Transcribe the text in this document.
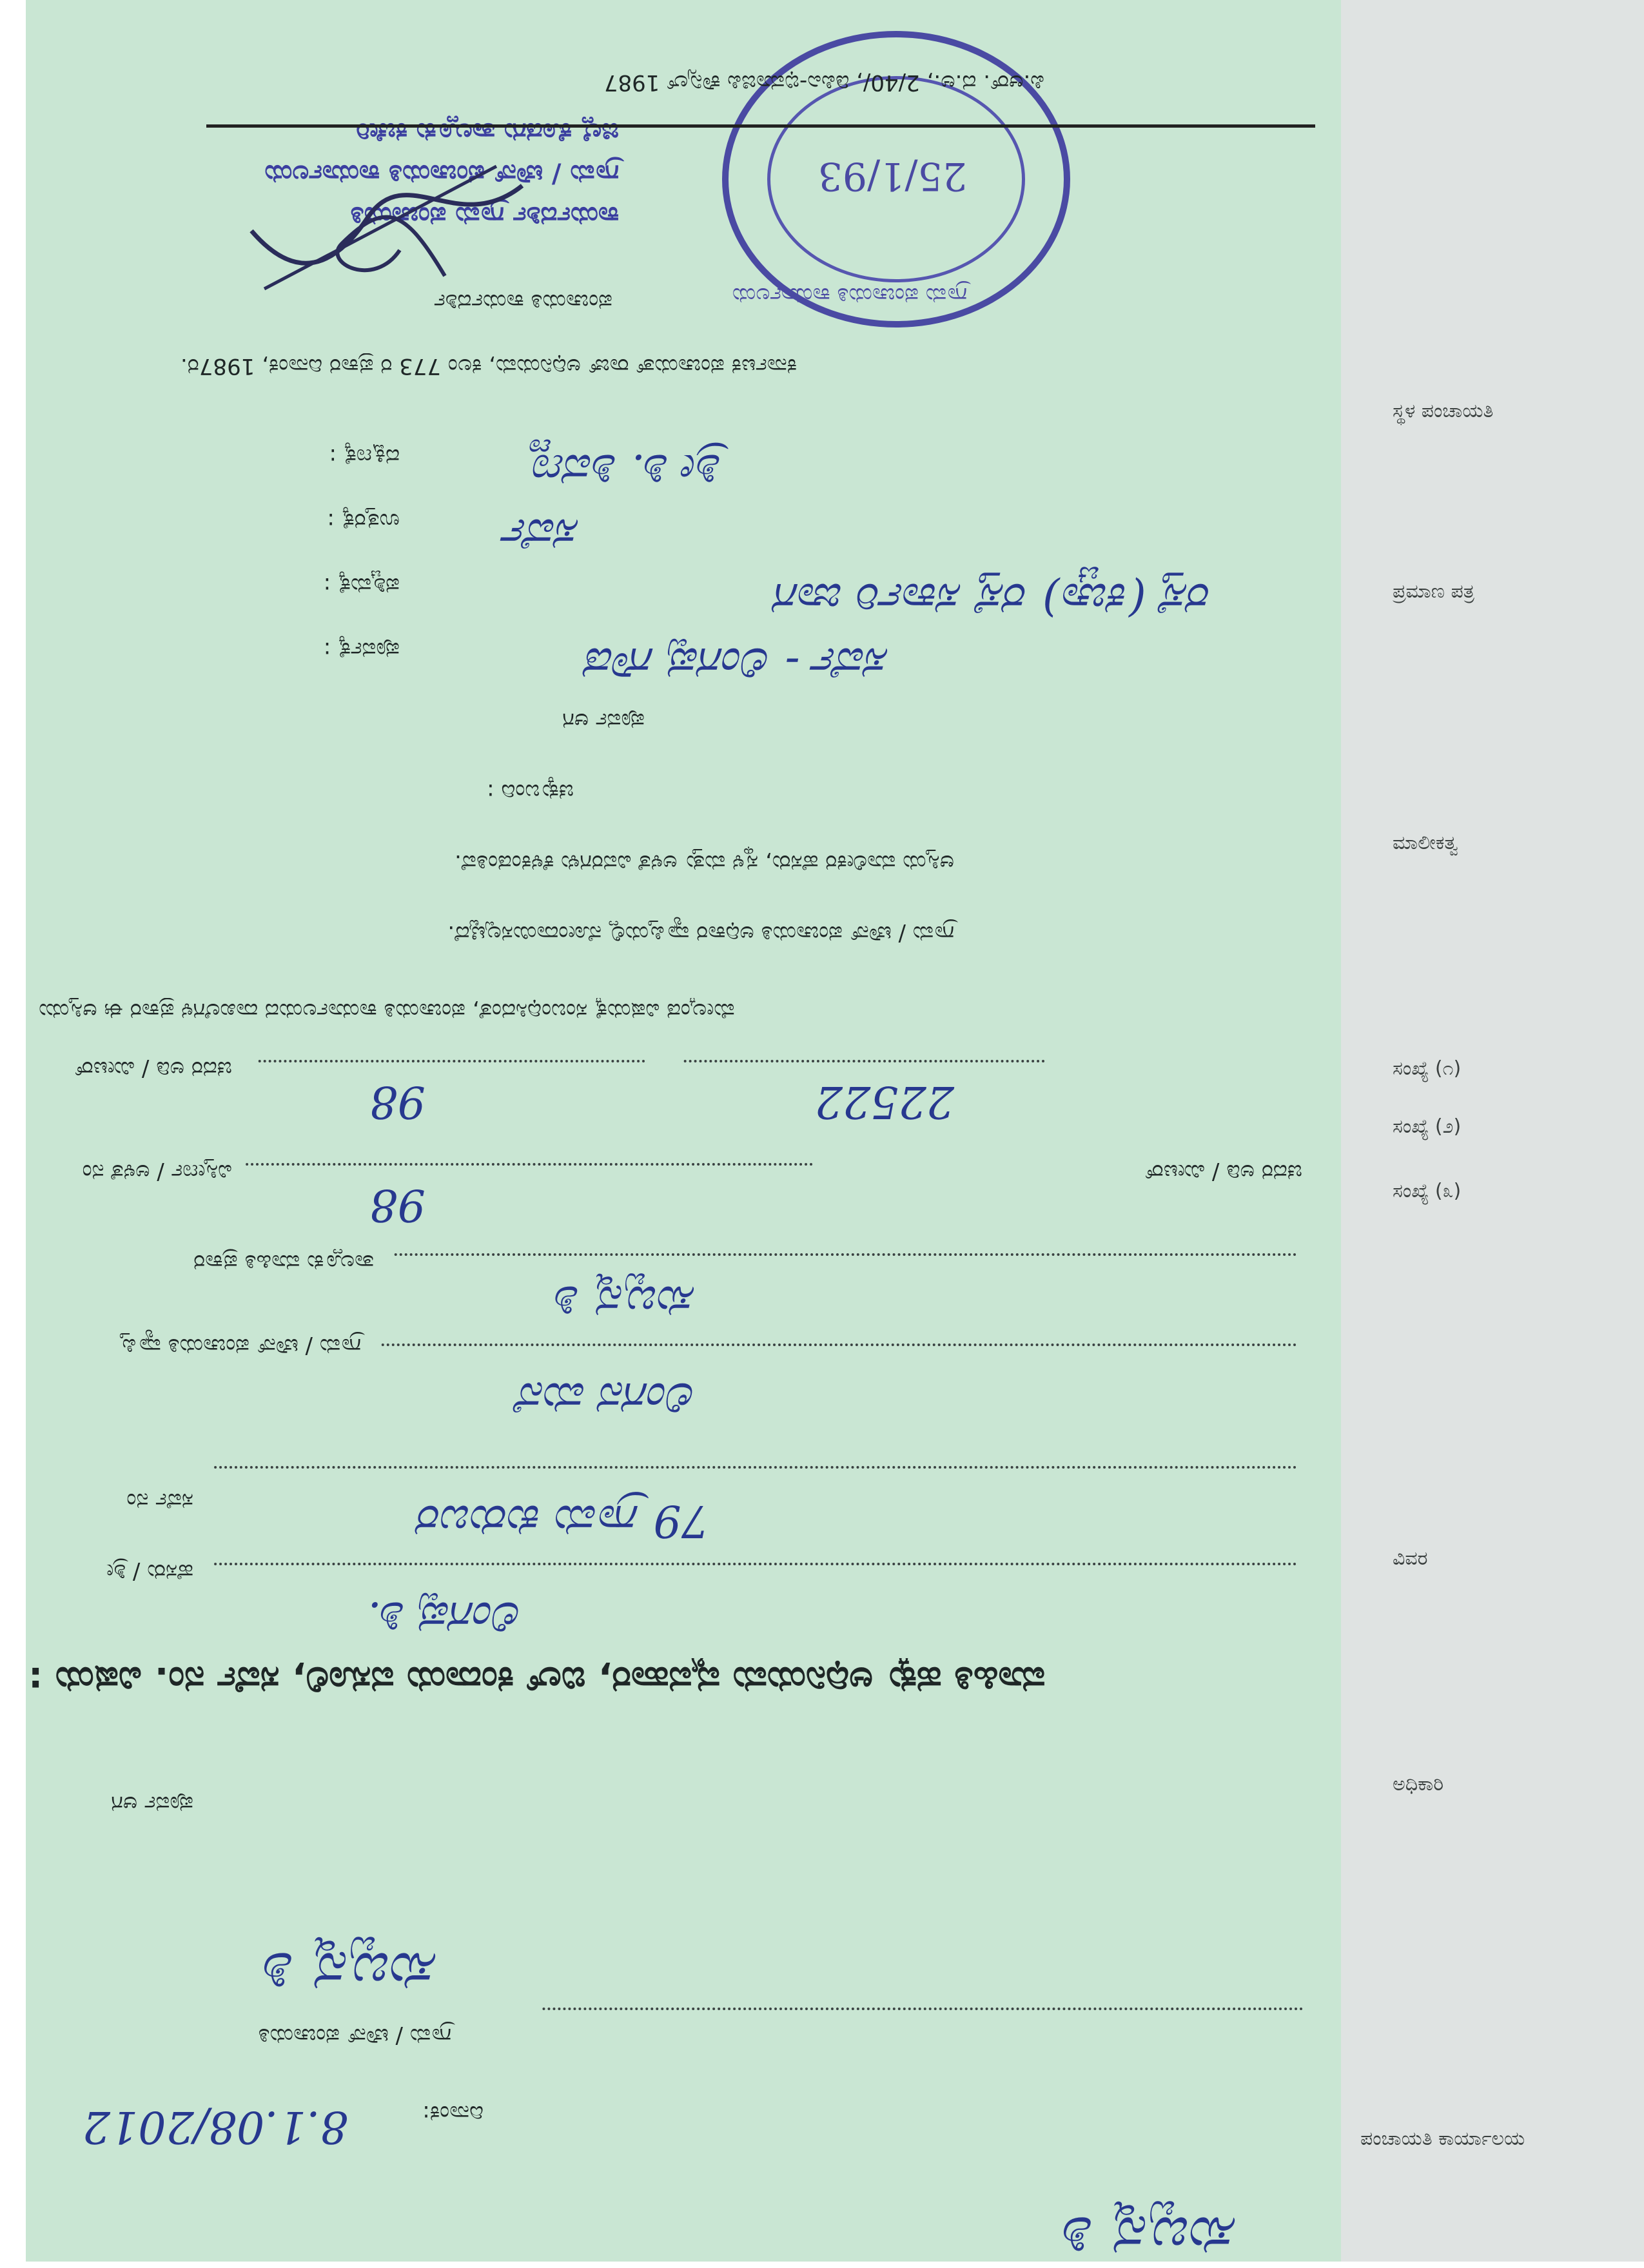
ಪಂಚಾಯತಿ ಕಾರ್ಯಾಲಯ
ಸ್ಥಳ ಪಂಚಾಯತಿ
ಪ್ರಮಾಣ ಪತ್ರ
ಮಾಲೀಕತ್ವ
ಸಂಖ್ಯೆ (೧)
ಸಂಖ್ಯೆ (೨)
ಸಂಖ್ಯೆ (೩)
ವಿವರ
ಅಧಿಕಾರಿ
ದಿನಾಂಕ:
8.1.08/2012
ಗ್ರಾಮ / ಟೌನ್ ಪಂಚಾಯತಿ
ಸುಬ್ಬನ್ನ ಶಿ
ಸುಬ್ಬನ್ನ ಶಿ
ಪೂರ್ವ ಆಗ
ವಿಷಯ : ಮಾಹಿತಿ ಹಕ್ಕು ಅಧಿನಿಯಮ ವ್ಯವಹಾರ, ಬಿಲ್ ಕಂದಾಯ ವಸೂಲಿ, ಸರ್ವೆ ನಂ.
ಹೆಸರು / ಶ್ರೀ
ಲಿಂಗಪ್ಪ ಶಿ.
ಸರ್ವೆ ನಂ	79 ಗ್ರಾಮ ಕುರುಬರ
ಗ್ರಾಮ / ಟೌನ್ ಪಂಚಾಯತಿ ವ್ಯಾಪ್ತಿ
ಲಿಂಗನ ಮನೆ
ತಾಲ್ಲೂಕು ಮಾಹಿತಿ ಪ್ರಕಾರ
ಸುಬ್ಬನ್ನ ಶಿ
ವಿಸ್ತೀರ್ಣ / ಅಳತೆ ನಂ
98
ಚದರ ಅಡಿ / ಮೀಟರ್
ಚದರ ಅಡಿ / ಮೀಟರ್
98	22522
ಮೇಲ್ಕಂಡ ವಿಷಯಕ್ಕೆ ಸಂಬಂಧಿಸಿದಂತೆ, ಪಂಚಾಯತಿ ಕಾರ್ಯಾಲಯದ ದಾಖಲೆಗಳ ಪ್ರಕಾರ ಈ ಆಸ್ತಿಯು
ಗ್ರಾಮ / ಟೌನ್ ಪಂಚಾಯತಿ ಅಧಿಕಾರ ವ್ಯಾಪ್ತಿಯಲ್ಲಿ ನೋಂದಾಯಿಸಲ್ಪಟ್ಟಿದೆ.
ಆಸ್ತಿಯ ಮಾಲೀಕರ ಹೆಸರು, ಸ್ಥಳ ಮತ್ತು ಅಳತೆ ವಿವರಗಳು ಕೆಳಕಂಡಂತಿವೆ.
ಚಕ್ಕುಬಂದಿ :
ಪೂರ್ವ ಆಗ
ಪೂರ್ವಕ್ಕೆ :	ಸರ್ವೆ - ಲಿಂಗಪ್ಪ ಗೌಡ
ಪಶ್ಚಿಮಕ್ಕೆ :	ರಸ್ತೆ (ಕಚ್ಚಾ) ರಸ್ತೆ ಸರ್ಕಾರಿ ಜಾಗ
ಉತ್ತರಕ್ಕೆ : ಸರ್ವೆ
ದಕ್ಷಿಣಕ್ಕೆ :	ಶ್ರೀ ಶಿ. ಶಿವಣ್ಣ
ಕರ್ನಾಟಕ ಪಂಚಾಯತ್ ರಾಜ್ ಅಧಿನಿಯಮ, ಕಲಂ 773 ರ ಪ್ರಕಾರ ದಿನಾಂಕ, 1987ರ.
ಪಂಚಾಯತಿ ಕಾರ್ಯದರ್ಶಿ
ಕಾರ್ಯದರ್ಶಿ ಗ್ರಾಮ ಪಂಚಾಯತಿ
ಗ್ರಾಮ / ಟೌನ್ ಪಂಚಾಯತಿ ಕಾರ್ಯಾಲಯ
ಜಿಲ್ಲೆ ಕೊಡಗು ತಾಲ್ಲೂಕು ಕಚೇರಿ
ಗ್ರಾಮ ಪಂಚಾಯತಿ ಕಾರ್ಯಾಲಯ
25/1/93
ಪಿ.ಆರ್. ದ.ಅ., 2/40/, ಡಿಪಿಎ-ಭಿಮಾಜಿಪಿ ಕೌನ್ಸಿಲ್ 1987
